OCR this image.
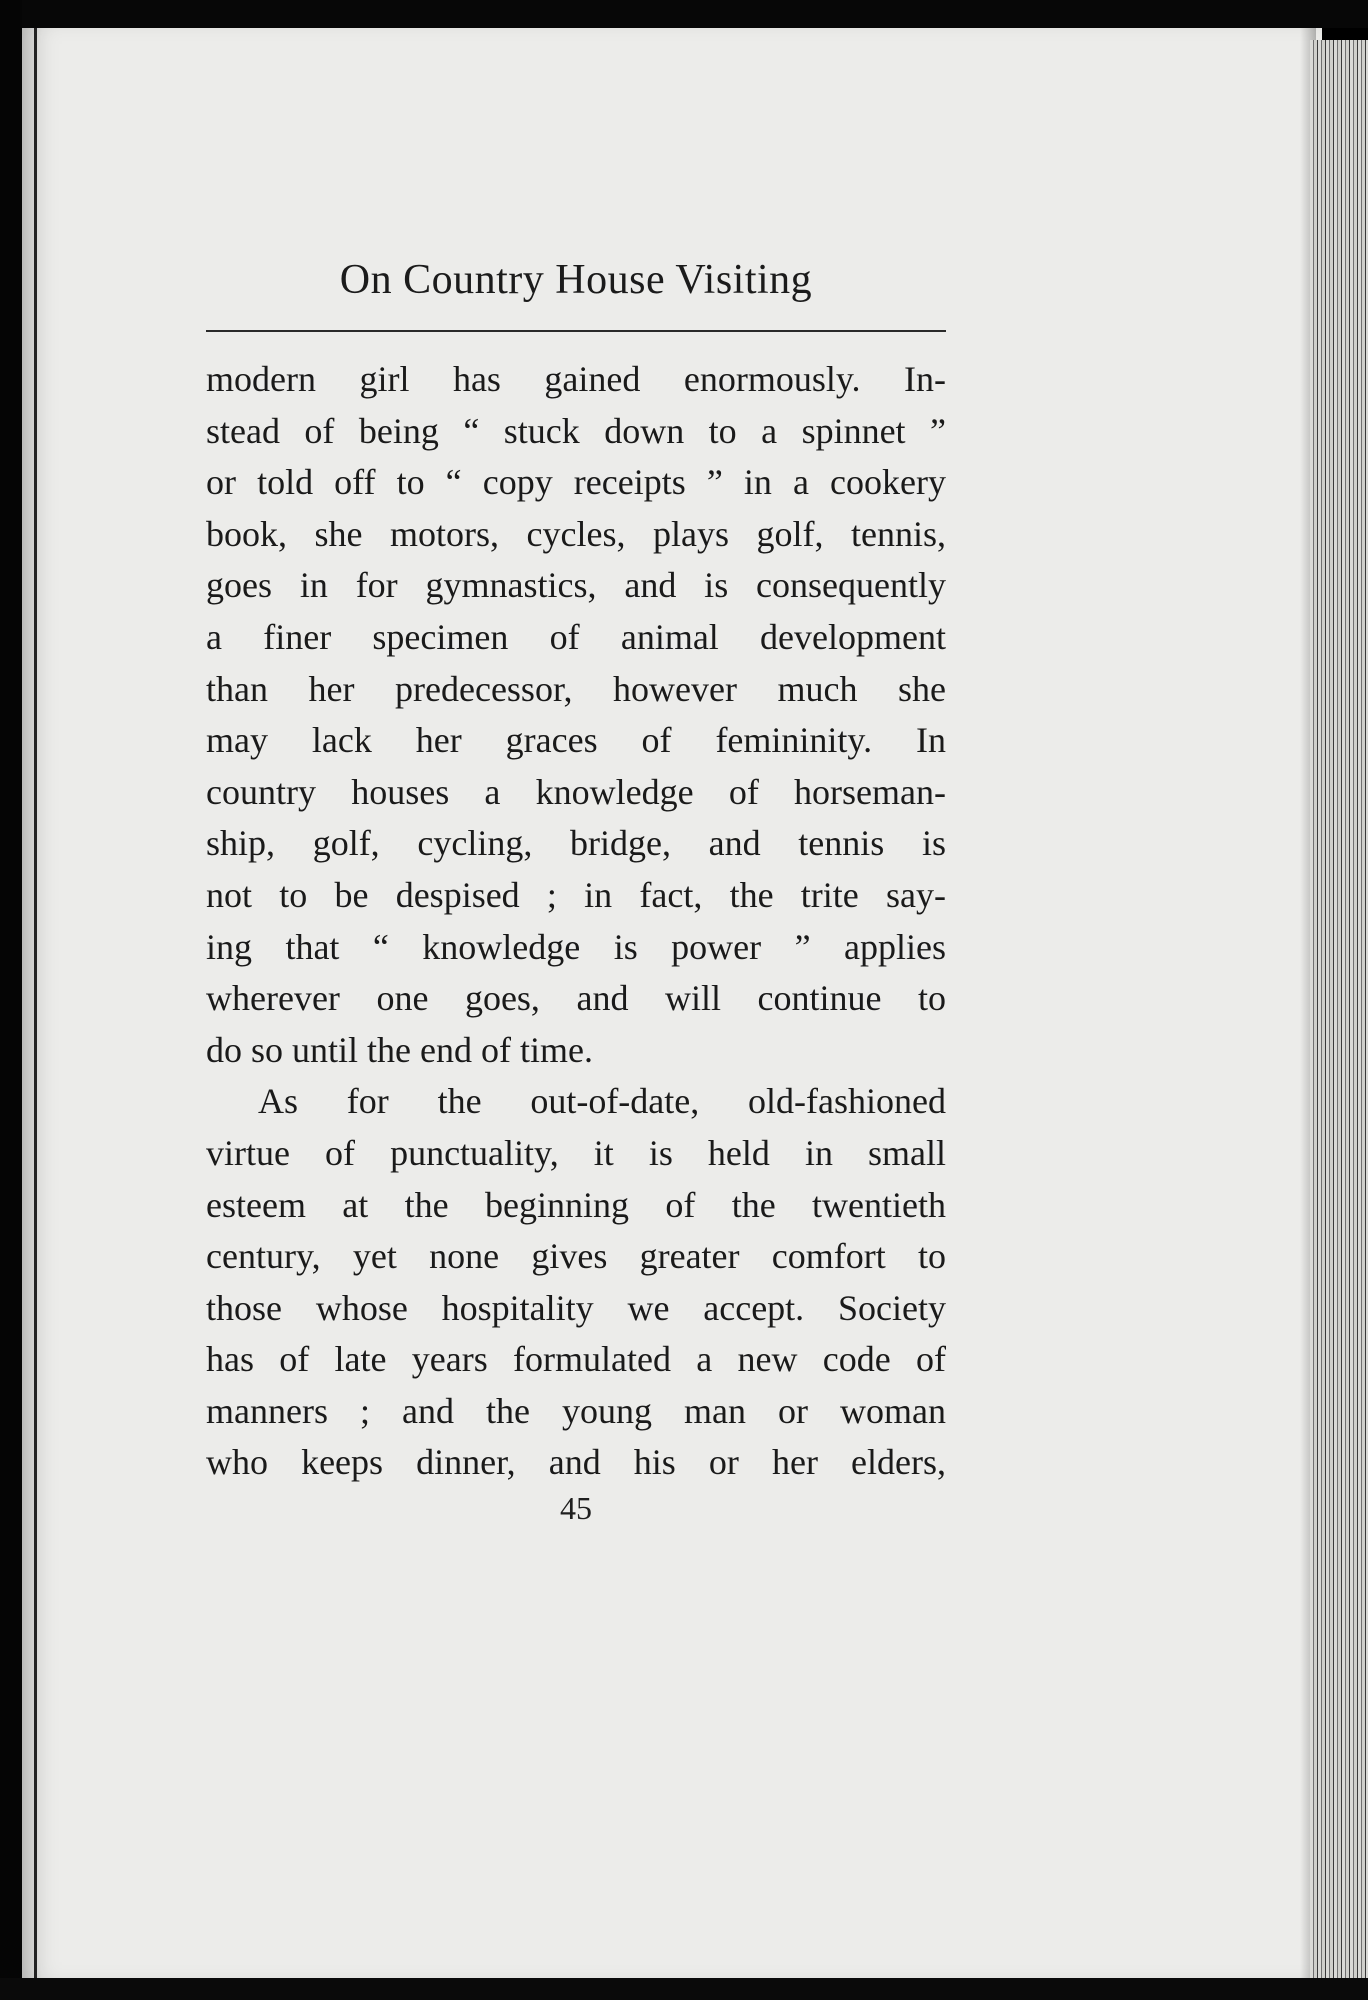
On Country House Visiting
modern girl has gained enormously. In-
stead of being “ stuck down to a spinnet ”
or told off to “ copy receipts ” in a cookery
book, she motors, cycles, plays golf, tennis,
goes in for gymnastics, and is consequently
a finer specimen of animal development
than her predecessor, however much she
may lack her graces of femininity. In
country houses a knowledge of horseman-
ship, golf, cycling, bridge, and tennis is
not to be despised ; in fact, the trite say-
ing that “ knowledge is power ” applies
wherever one goes, and will continue to
do so until the end of time.
As for the out-of-date, old-fashioned
virtue of punctuality, it is held in small
esteem at the beginning of the twentieth
century, yet none gives greater comfort to
those whose hospitality we accept. Society
has of late years formulated a new code of
manners ; and the young man or woman
who keeps dinner, and his or her elders,
45
